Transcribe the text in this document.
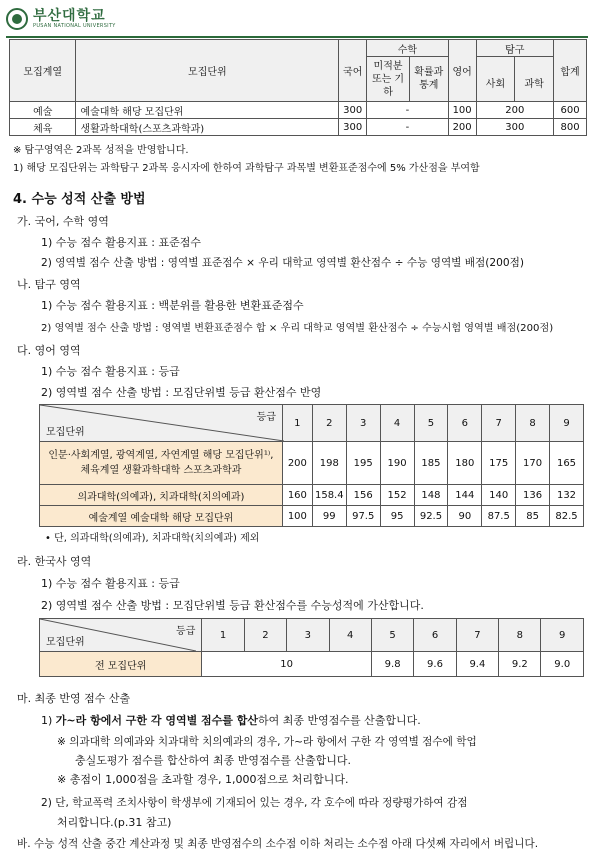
부산대학교
PUSAN NATIONAL UNIVERSITY
모집계열	모집단위	국어	수학		영어	탐구		합계
			미적분 또는 기하	확률과 통계				
						사회	과학	
예술	예술대학 해당 모집단위	300	-		100	200		600
체육	생활과학대학(스포츠과학과)	300	-		200	300		800
※ 탐구영역은 2과목 성적을 반영합니다.
1) 해당 모집단위는 과학탐구 2과목 응시자에 한하여 과학탐구 과목별 변환표준점수에 5% 가산점을 부여함
4. 수능 성적 산출 방법
가. 국어, 수학 영역
1) 수능 점수 활용지표 : 표준점수
2) 영역별 점수 산출 방법 : 영역별 표준점수 × 우리 대학교 영역별 환산점수 ÷ 수능 영역별 배점(200점)
나. 탐구 영역
1) 수능 점수 활용지표 : 백분위를 활용한 변환표준점수
2) 영역별 점수 산출 방법 : 영역별 변환표준점수 합 × 우리 대학교 영역별 환산점수 ÷ 수능시험 영역별 배점(200점)
다. 영어 영역
1) 수능 점수 활용지표 : 등급
2) 영역별 점수 산출 방법 : 모집단위별 등급 환산점수 반영
등급
모집단위	1	2	3	4	5	6	7	8	9
인문·사회계열, 광역계열, 자연계열 해당 모집단위¹⁾, 체육계열 생활과학대학 스포츠과학과	200	198	195	190	185	180	175	170	165
의과대학(의예과), 치과대학(치의예과)	160	158.4	156	152	148	144	140	136	132
예술계열 예술대학 해당 모집단위	100	99	97.5	95	92.5	90	87.5	85	82.5
• 단, 의과대학(의예과), 치과대학(치의예과) 제외
라. 한국사 영역
1) 수능 점수 활용지표 : 등급
2) 영역별 점수 산출 방법 : 모집단위별 등급 환산점수를 수능성적에 가산합니다.
등급
모집단위	1	2	3	4	5	6	7	8	9
전 모집단위	10				9.8	9.6	9.4	9.2	9.0
마. 최종 반영 점수 산출
1) 가~라 항에서 구한 각 영역별 점수를 합산하여 최종 반영점수를 산출합니다.
※ 의과대학 의예과와 치과대학 치의예과의 경우, 가~라 항에서 구한 각 영역별 점수에 학업
충실도평가 점수를 합산하여 최종 반영점수를 산출합니다.
※ 총점이 1,000점을 초과할 경우, 1,000점으로 처리합니다.
2) 단, 학교폭력 조치사항이 학생부에 기재되어 있는 경우, 각 호수에 따라 정량평가하여 감점
처리합니다.(p.31 참고)
바. 수능 성적 산출 중간 계산과정 및 최종 반영점수의 소수점 이하 처리는 소수점 아래 다섯째 자리에서 버립니다.
